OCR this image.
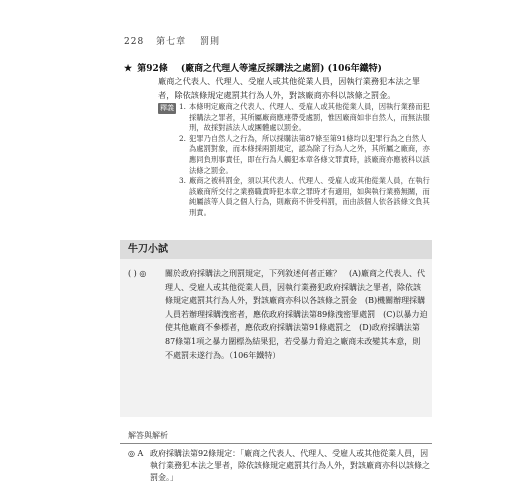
228 第七章 罰則
★ 第92條 (廠商之代理人等違反採購法之處罰) (106年鐵特)
廠商之代表人、代理人、受雇人或其他從業人員，因執行業務犯本法之罪者，除依該條規定處罰其行為人外，對該廠商亦科以該條之罰金。
釋義 1. 本條明定廠商之代表人、代理人、受雇人或其他從業人員，因執行業務而犯採購法之罪者，其所屬廠商應連帶受處罰，惟因廠商如非自然人，而無法服刑，故採對該法人或團體處以罰金。
2. 犯罪乃自然人之行為，所以採購法第87條至第91條均以犯罪行為之自然人為處罰對象，而本條採兩罰規定，認為除了行為人之外，其所屬之廠商，亦應同負刑事責任，即在行為人觸犯本章各條文罪責時，該廠商亦應被科以該法條之罰金。
3. 廠商之被科罰金，須以其代表人、代理人、受雇人或其他從業人員，在執行該廠商所交付之業務職責時犯本章之罪時才有適用，如與執行業務無關，而純屬該等人員之個人行為，則廠商不併受科罰，而由該個人依各該條文負其刑責。
牛刀小試
( ) ◎	關於政府採購法之刑罰規定，下列敘述何者正確？　(A)廠商之代表人、代理人、受雇人或其他從業人員，因執行業務犯政府採購法之罪者，除依該條規定處罰其行為人外，對該廠商亦科以各該條之罰金　(B)機關辦理採購人員若辦理採購洩密者，應依政府採購法第89條洩密罪處罰　(C)以暴力迫使其他廠商不參標者，應依政府採購法第91條處罰之　(D)政府採購法第87條第1項之暴力圍標為結果犯，若受暴力脅迫之廠商未改變其本意，則不處罰未遂行為。（106年鐵特）
解答與解析
◎ A 政府採購法第92條規定：「廠商之代表人、代理人、受雇人或其他從業人員，因執行業務犯本法之罪者，除依該條規定處罰其行為人外，對該廠商亦科以該條之罰金。」
